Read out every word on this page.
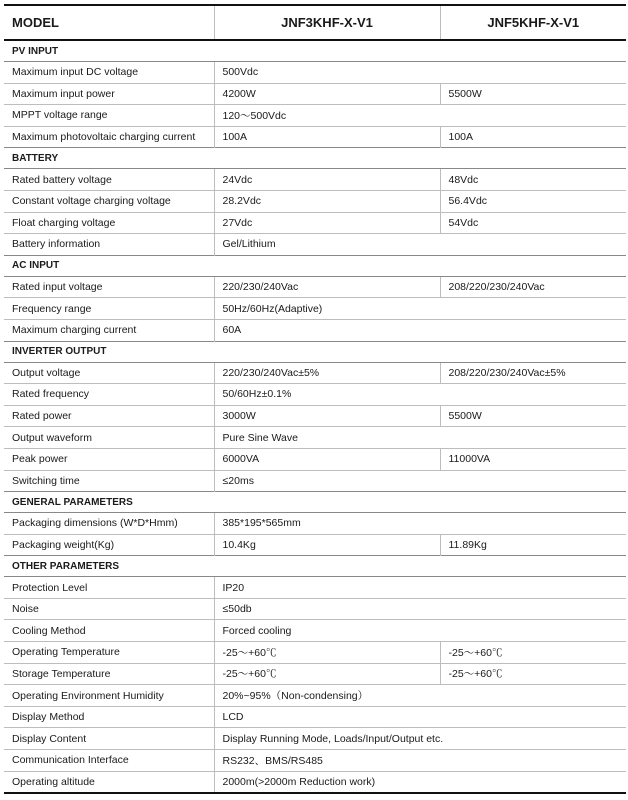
MODEL	JNF3KHF-X-V1	JNF5KHF-X-V1
PV INPUT		
Maximum input DC voltage	500Vdc	
Maximum input power	4200W	5500W
MPPT voltage range	120～500Vdc	
Maximum photovoltaic charging current	100A	100A
BATTERY		
Rated battery voltage	24Vdc	48Vdc
Constant voltage charging voltage	28.2Vdc	56.4Vdc
Float charging voltage	27Vdc	54Vdc
Battery information	Gel/Lithium	
AC INPUT		
Rated input voltage	220/230/240Vac	208/220/230/240Vac
Frequency range	50Hz/60Hz(Adaptive)	
Maximum charging current	60A	
INVERTER OUTPUT		
Output voltage	220/230/240Vac±5%	208/220/230/240Vac±5%
Rated frequency	50/60Hz±0.1%	
Rated power	3000W	5500W
Output waveform	Pure Sine Wave	
Peak power	6000VA	11000VA
Switching time	≤20ms	
GENERAL PARAMETERS		
Packaging dimensions (W*D*Hmm)	385*195*565mm	
Packaging weight(Kg)	10.4Kg	11.89Kg
OTHER PARAMETERS		
Protection Level	IP20	
Noise	≤50db	
Cooling Method	Forced cooling	
Operating Temperature	-25～+60℃	-25～+60℃
Storage Temperature	-25～+60℃	-25～+60℃
Operating Environment Humidity	20%~95%（Non-condensing）	
Display Method	LCD	
Display Content	Display Running Mode, Loads/Input/Output etc.	
Communication Interface	RS232、BMS/RS485	
Operating altitude	2000m(>2000m Reduction work)	
